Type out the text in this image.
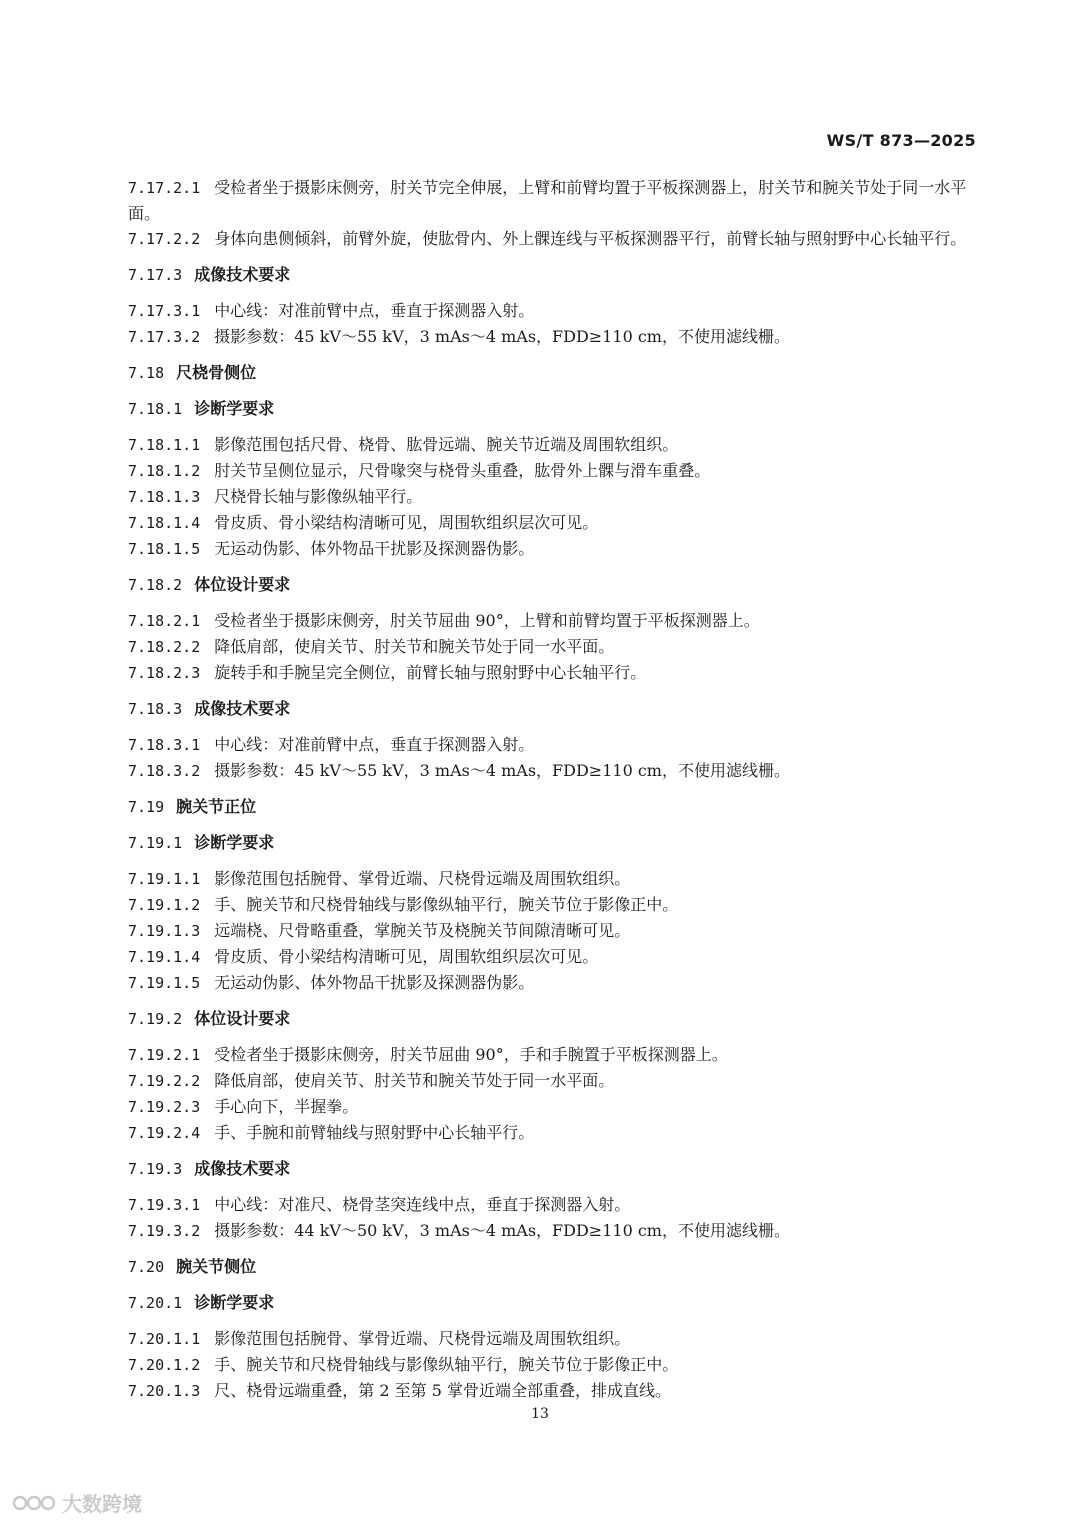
WS/T 873—2025

7.17.2.1 受检者坐于摄影床侧旁，肘关节完全伸展，上臂和前臂均置于平板探测器上，肘关节和腕关节处于同一水平面。

7.17.2.2 身体向患侧倾斜，前臂外旋，使肱骨内、外上髁连线与平板探测器平行，前臂长轴与照射野中心长轴平行。

7.17.3 成像技术要求

7.17.3.1 中心线：对准前臂中点，垂直于探测器入射。

7.17.3.2 摄影参数：45 kV～55 kV，3 mAs～4 mAs，FDD≥110 cm，不使用滤线栅。

7.18 尺桡骨侧位

7.18.1 诊断学要求

7.18.1.1 影像范围包括尺骨、桡骨、肱骨远端、腕关节近端及周围软组织。

7.18.1.2 肘关节呈侧位显示，尺骨喙突与桡骨头重叠，肱骨外上髁与滑车重叠。

7.18.1.3 尺桡骨长轴与影像纵轴平行。

7.18.1.4 骨皮质、骨小梁结构清晰可见，周围软组织层次可见。

7.18.1.5 无运动伪影、体外物品干扰影及探测器伪影。

7.18.2 体位设计要求

7.18.2.1 受检者坐于摄影床侧旁，肘关节屈曲 90°，上臂和前臂均置于平板探测器上。

7.18.2.2 降低肩部，使肩关节、肘关节和腕关节处于同一水平面。

7.18.2.3 旋转手和手腕呈完全侧位，前臂长轴与照射野中心长轴平行。

7.18.3 成像技术要求

7.18.3.1 中心线：对准前臂中点，垂直于探测器入射。

7.18.3.2 摄影参数：45 kV～55 kV，3 mAs～4 mAs，FDD≥110 cm，不使用滤线栅。

7.19 腕关节正位

7.19.1 诊断学要求

7.19.1.1 影像范围包括腕骨、掌骨近端、尺桡骨远端及周围软组织。

7.19.1.2 手、腕关节和尺桡骨轴线与影像纵轴平行，腕关节位于影像正中。

7.19.1.3 远端桡、尺骨略重叠，掌腕关节及桡腕关节间隙清晰可见。

7.19.1.4 骨皮质、骨小梁结构清晰可见，周围软组织层次可见。

7.19.1.5 无运动伪影、体外物品干扰影及探测器伪影。

7.19.2 体位设计要求

7.19.2.1 受检者坐于摄影床侧旁，肘关节屈曲 90°，手和手腕置于平板探测器上。

7.19.2.2 降低肩部，使肩关节、肘关节和腕关节处于同一水平面。

7.19.2.3 手心向下，半握拳。

7.19.2.4 手、手腕和前臂轴线与照射野中心长轴平行。

7.19.3 成像技术要求

7.19.3.1 中心线：对准尺、桡骨茎突连线中点，垂直于探测器入射。

7.19.3.2 摄影参数：44 kV～50 kV，3 mAs～4 mAs，FDD≥110 cm，不使用滤线栅。

7.20 腕关节侧位

7.20.1 诊断学要求

7.20.1.1 影像范围包括腕骨、掌骨近端、尺桡骨远端及周围软组织。

7.20.1.2 手、腕关节和尺桡骨轴线与影像纵轴平行，腕关节位于影像正中。

7.20.1.3 尺、桡骨远端重叠，第 2 至第 5 掌骨近端全部重叠，排成直线。

13
大数跨境
